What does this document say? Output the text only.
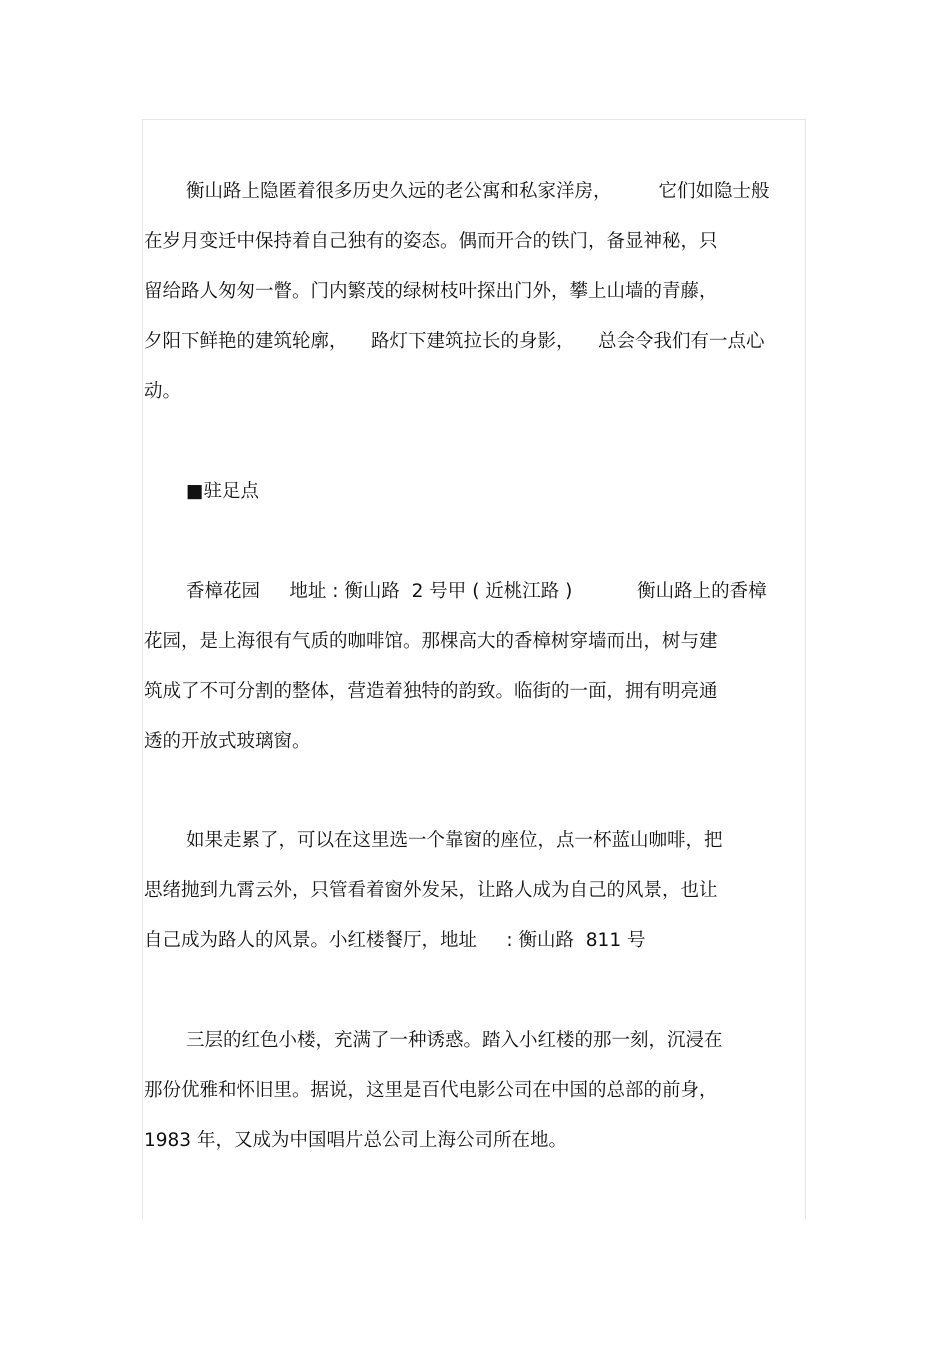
衡山路上隐匿着很多历史久远的老公寓和私家洋房，        它们如隐士般
在岁月变迁中保持着自己独有的姿态。偶而开合的铁门，备显神秘，只
留给路人匆匆一瞥。门内繁茂的绿树枝叶探出门外，攀上山墙的青藤，
夕阳下鲜艳的建筑轮廓，    路灯下建筑拉长的身影，    总会令我们有一点心
动。
■驻足点
香樟花园     地址 : 衡山路  2 号甲 ( 近桃江路 )           衡山路上的香樟
花园，是上海很有气质的咖啡馆。那棵高大的香樟树穿墙而出，树与建
筑成了不可分割的整体，营造着独特的韵致。临街的一面，拥有明亮通
透的开放式玻璃窗。
如果走累了，可以在这里选一个靠窗的座位，点一杯蓝山咖啡，把
思绪抛到九霄云外，只管看着窗外发呆，让路人成为自己的风景，也让
自己成为路人的风景。小红楼餐厅，地址     : 衡山路  811 号
三层的红色小楼，充满了一种诱惑。踏入小红楼的那一刻，沉浸在
那份优雅和怀旧里。据说，这里是百代电影公司在中国的总部的前身，
1983 年，又成为中国唱片总公司上海公司所在地。
